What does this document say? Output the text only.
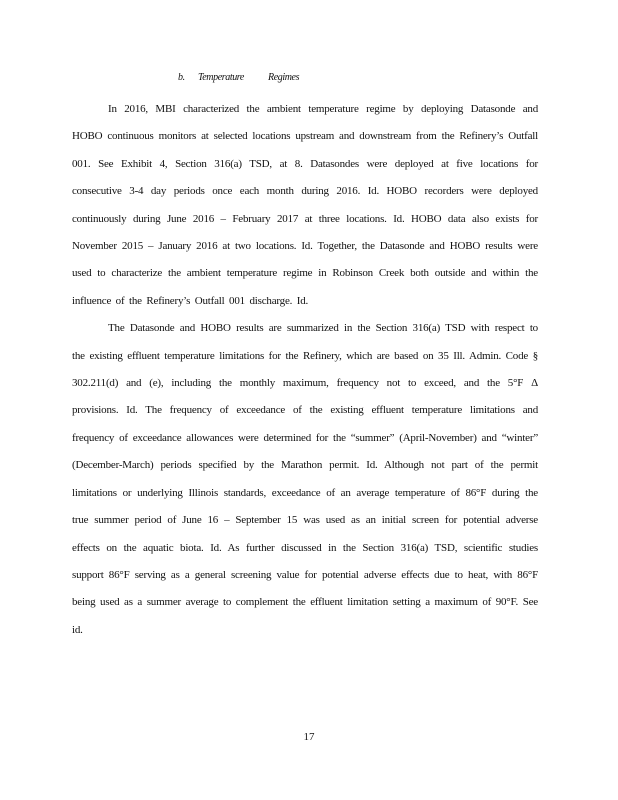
b. Temperature Regimes

In 2016, MBI characterized the ambient temperature regime by deploying Datasonde and HOBO continuous monitors at selected locations upstream and downstream from the Refinery’s Outfall 001. See Exhibit 4, Section 316(a) TSD, at 8. Datasondes were deployed at five locations for consecutive 3-4 day periods once each month during 2016. Id. HOBO recorders were deployed continuously during June 2016 – February 2017 at three locations. Id. HOBO data also exists for November 2015 – January 2016 at two locations. Id. Together, the Datasonde and HOBO results were used to characterize the ambient temperature regime in Robinson Creek both outside and within the influence of the Refinery’s Outfall 001 discharge. Id.

The Datasonde and HOBO results are summarized in the Section 316(a) TSD with respect to the existing effluent temperature limitations for the Refinery, which are based on 35 Ill. Admin. Code § 302.211(d) and (e), including the monthly maximum, frequency not to exceed, and the 5°F Δ provisions. Id. The frequency of exceedance of the existing effluent temperature limitations and frequency of exceedance allowances were determined for the “summer” (April-November) and “winter” (December-March) periods specified by the Marathon permit. Id. Although not part of the permit limitations or underlying Illinois standards, exceedance of an average temperature of 86°F during the true summer period of June 16 – September 15 was used as an initial screen for potential adverse effects on the aquatic biota. Id. As further discussed in the Section 316(a) TSD, scientific studies support 86°F serving as a general screening value for potential adverse effects due to heat, with 86°F being used as a summer average to complement the effluent limitation setting a maximum of 90°F. See id.

17
